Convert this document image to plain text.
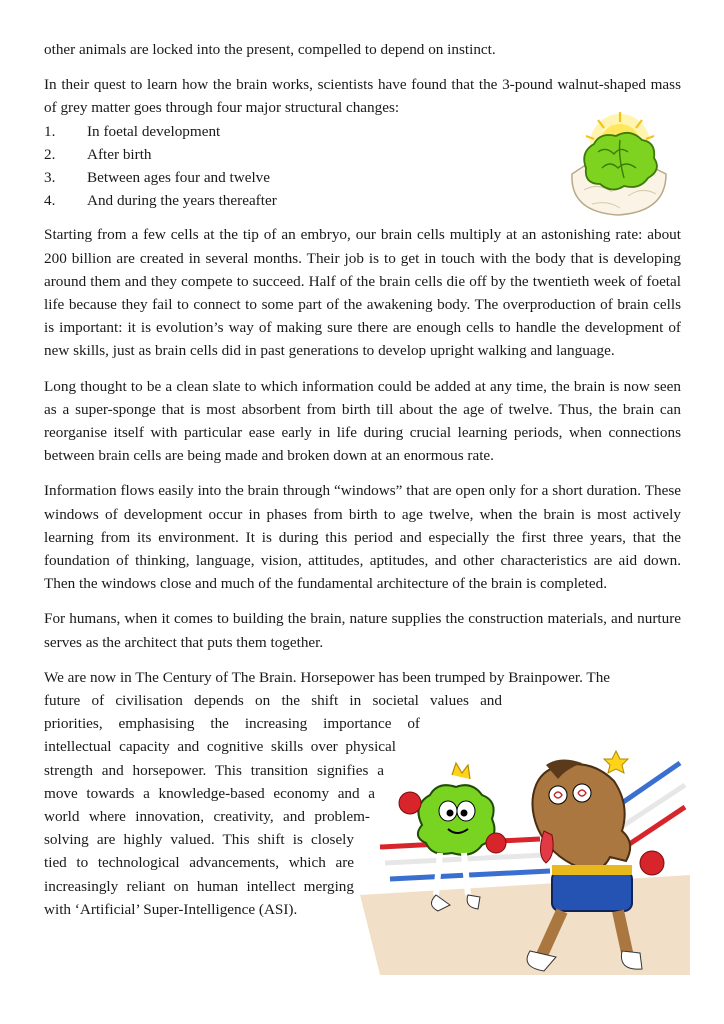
other animals are locked into the present, compelled to depend on instinct.

In their quest to learn how the brain works, scientists have found that the 3-pound walnut-shaped mass of grey matter goes through four major structural changes:

1.	In foetal development
2.	After birth
3.	Between ages four and twelve
4.	And during the years thereafter

Starting from a few cells at the tip of an embryo, our brain cells multiply at an astonishing rate: about 200 billion are created in several months. Their job is to get in touch with the body that is developing around them and they compete to succeed. Half of the brain cells die off by the twentieth week of foetal life because they fail to connect to some part of the awakening body. The overproduction of brain cells is important: it is evolution’s way of making sure there are enough cells to handle the development of new skills, just as brain cells did in past generations to develop upright walking and language.

Long thought to be a clean slate to which information could be added at any time, the brain is now seen as a super-sponge that is most absorbent from birth till about the age of twelve. Thus, the brain can reorganise itself with particular ease early in life during crucial learning periods, when connections between brain cells are being made and broken down at an enormous rate.

Information flows easily into the brain through “windows” that are open only for a short duration. These windows of development occur in phases from birth to age twelve, when the brain is most actively learning from its environment. It is during this period and especially the first three years, that the foundation of thinking, language, vision, attitudes, aptitudes, and other characteristics are aid down. Then the windows close and much of the fundamental architecture of the brain is completed.

For humans, when it comes to building the brain, nature supplies the construction materials, and nurture serves as the architect that puts them together.

We are now in The Century of The Brain. Horsepower has been trumped by Brainpower. The
future of civilisation depends on the shift in societal values and
priorities, emphasising the increasing importance of
intellectual capacity and cognitive skills over physical
strength and horsepower. This transition signifies a
move towards a knowledge-based economy and a
world where innovation, creativity, and problem-
solving are highly valued. This shift is closely
tied to technological advancements, which are
increasingly reliant on human intellect merging
with ‘Artificial’ Super-Intelligence (ASI).
